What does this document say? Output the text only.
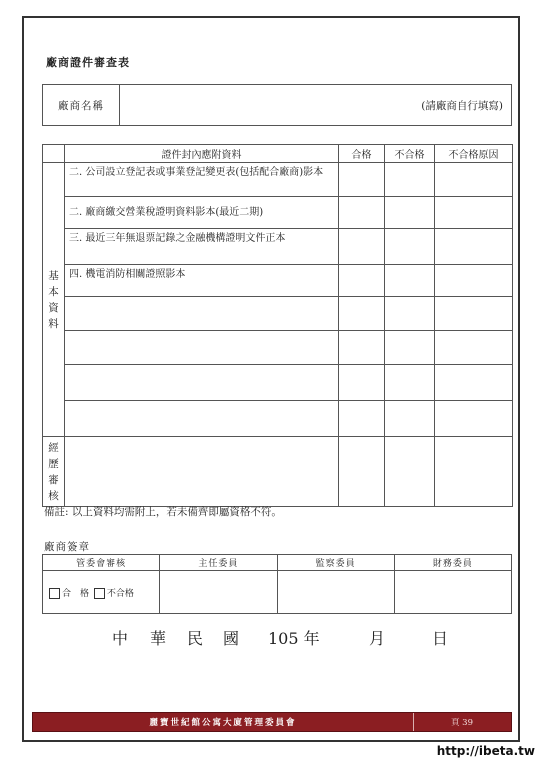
廠商證件審查表
廠商名稱	(請廠商自行填寫)
	證件封內應附資料	合格	不合格	不合格原因

基本資料	二. 公司設立登記表或事業登記變更表(包括配合廠商)影本			
	二. 廠商繳交營業稅證明資料影本(最近二期)			
	三. 最近三年無退票記錄之金融機構證明文件正本			
	四. 機電消防相關證照影本			

經歷審核				

備註: 以上資料均需附上，若未備齊即屬資格不符。
廠商簽章
管委會審核	主任委員	監察委員	財務委員
合　格 不合格			
中 華 民 國 105 年	月	日
麗寶世紀館公寓大廈管理委員會	頁 39
http://ibeta.tw
